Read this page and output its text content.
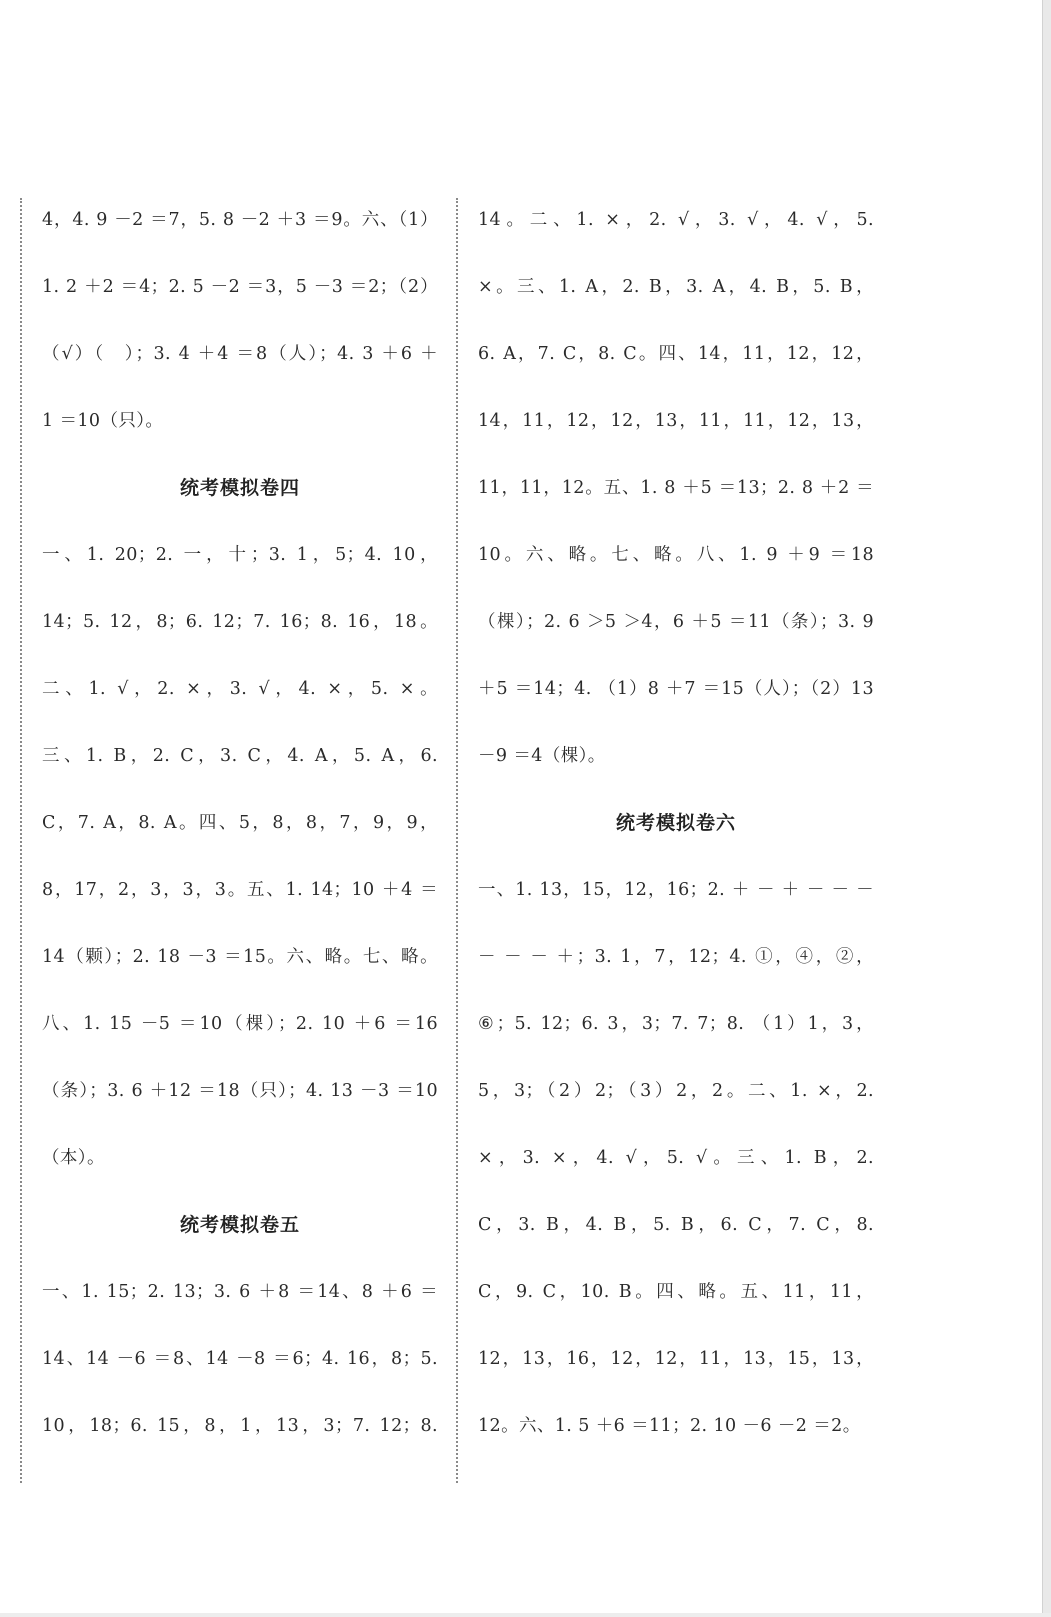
4，4. 9 －2 ＝7，5. 8 －2 ＋3 ＝9。六、（1）
1. 2 ＋2 ＝4；2. 5 －2 ＝3，5 －3 ＝2；（2）
（√）（　）；3. 4 ＋4 ＝8（人）；4. 3 ＋6 ＋
1 ＝10（只）。
统考模拟卷四
一、1. 20；2. 一，十；3. 1，5；4. 10，
14；5. 12，8；6. 12；7. 16；8. 16，18。
二、1. √，2. ×，3. √，4. ×，5. ×。
三、1. B，2. C，3. C，4. A，5. A，6.
C，7. A，8. A。四、5，8，8，7，9，9，
8，17，2，3，3，3。五、1. 14；10 ＋4 ＝
14（颗）；2. 18 －3 ＝15。六、略。七、略。
八、1. 15 －5 ＝10（棵）；2. 10 ＋6 ＝16
（条）；3. 6 ＋12 ＝18（只）；4. 13 －3 ＝10
（本）。
统考模拟卷五
一、1. 15；2. 13；3. 6 ＋8 ＝14、8 ＋6 ＝
14、14 －6 ＝8、14 －8 ＝6；4. 16，8；5.
10，18；6. 15，8，1，13，3；7. 12；8.
14。二、1. ×，2. √，3. √，4. √，5.
×。三、1. A，2. B，3. A，4. B，5. B，
6. A，7. C，8. C。四、14，11，12，12，
14，11，12，12，13，11，11，12，13，
11，11，12。五、1. 8 ＋5 ＝13；2. 8 ＋2 ＝
10。六、略。七、略。八、1. 9 ＋9 ＝18
（棵）；2. 6 ＞5 ＞4，6 ＋5 ＝11（条）；3. 9
＋5 ＝14；4. （1）8 ＋7 ＝15（人）；（2）13
－9 ＝4（棵）。
统考模拟卷六
一、1. 13，15，12，16；2. ＋ － ＋ － － －
－ － － ＋；3. 1，7，12；4. ①，④，②，
⑥；5. 12；6. 3，3；7. 7；8. （1）1，3，
5，3；（2）2；（3）2，2。二、1. ×，2.
×，3. ×，4. √，5. √。三、1. B，2.
C，3. B，4. B，5. B，6. C，7. C，8.
C，9. C，10. B。四、略。五、11，11，
12，13，16，12，12，11，13，15，13，
12。六、1. 5 ＋6 ＝11；2. 10 －6 －2 ＝2。
